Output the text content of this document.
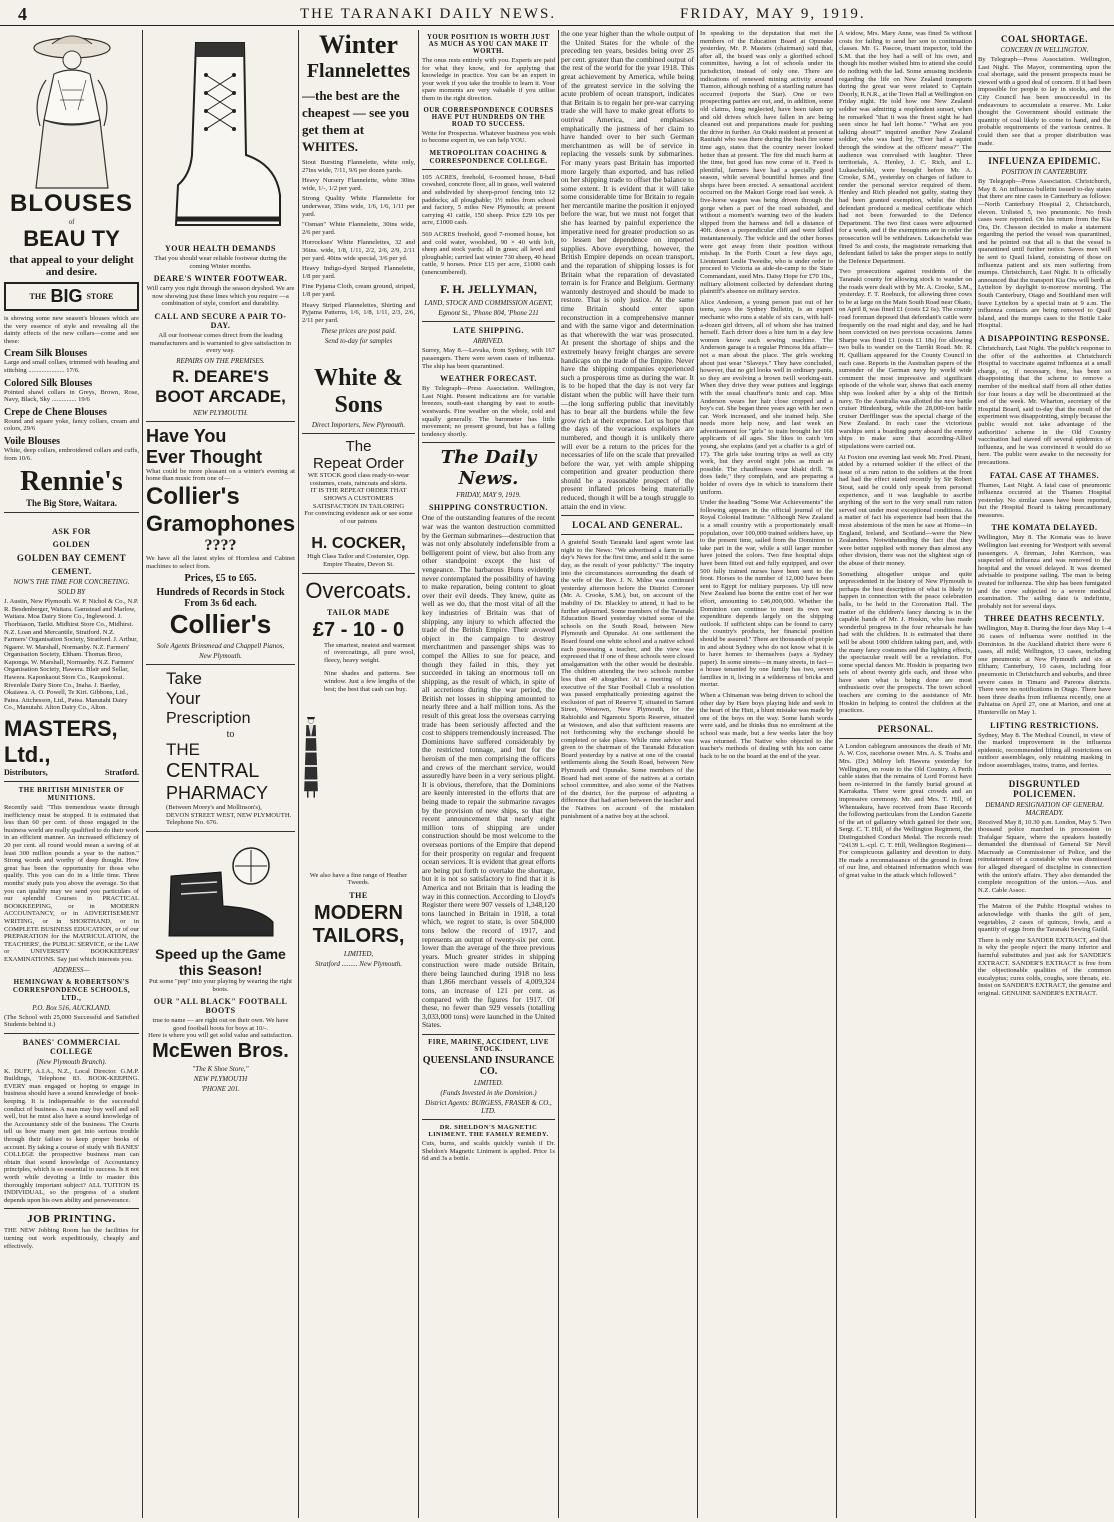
4	THE TARANAKI DAILY NEWS.	FRIDAY, MAY 9, 1919.
BLOUSES
of
BEAU TY
that appeal to your delight and desire.
THE BIG STORE
is showing some new season's blouses which are the very essence of style and revealing all the dainty effects of the new collars—come and see these:
Cream Silk Blouses
Large and small collars, trimmed with beading and stitching ...................... 17/6.
Colored Silk Blouses
Pointed shawl collars in Greys, Brown, Rose, Navy, Black, Sky ............... 19/6
Crepe de Chene Blouses
Round and square yoke, fancy collars, cream and colors, 29/6
Voile Blouses
White, deep collars, embroidered collars and cuffs, from 10/6.
Rennie's
The Big Store, Waitara.
ASK FOR
GOLDEN
GOLDEN BAY CEMENT
CEMENT.
NOW'S THE TIME FOR CONCRETING.
SOLD BY
J. Austin, New Plymouth. W. P. Nichol & Co., N.P. R. Besdenberger, Waitara. Gamstead and Marlow, Waitara. Moa Dairy Store Co., Inglewood. J. Thorbiason, Tariki. Midhirst Store Co., Midhirst. N.Z. Loan and Mercantile, Stratford. N.Z. Farmers' Organisation Society, Stratford. J. Arthur, Ngaere. W. Marshall, Normanby. N.Z. Farmers' Organisation Society, Eltham. Thomas Broo, Kaponga. W. Marshall, Normanby. N.Z. Farmers' Organisation Society, Hawera. Blair and Sellar, Hawera. Kaponkaout Store Co., Kaupokonui. Riverdale Dairy Store Co., Inaha. J. Barday, Okaiawa. A. O. Powell, Te Kiri. Gibbons, Ltd., Patea. Aitchesson, Ltd., Patea. Manutahi Dairy Co., Manutahi. Alton Dairy Co., Alton.
MASTERS, Ltd.,
Distributors,	Stratford.
THE BRITISH MINISTER OF MUNITIONS.
Recently said: "This tremendous waste through inefficiency must be stopped. It is estimated that less than 60 per cent. of those engaged in the business world are really qualified to do their work in an efficient manner. An increased efficiency of 20 per cent. all round would mean a saving of at least 300 million pounds a year to the nation." Strong words and worthy of deep thought. How great has been the opportunity for those who qualify. This you can do in a little time. Three months' study puts you above the average. So that you can qualify may we send you particulars of our splendid Courses in PRACTICAL BOOKKEEPING, or in MODERN ACCOUNTANCY, or in ADVERTISEMENT WRITING, or in SHORTHAND, or in COMPLETE BUSINESS EDUCATION, or of our PREPARATION for the MATRICULATION, the TEACHERS', the PUBLIC SERVICE, or the LAW or UNIVERSITY BOOKKEEPERS' EXAMINATIONS. Say just which interests you.
ADDRESS—
HEMINGWAY & ROBERTSON'S CORRESPONDENCE SCHOOLS, LTD.,
P.O. Box 516, AUCKLAND.
(The School with 25,000 Successful and Satisfied Students behind it.)
BANES' COMMERCIAL COLLEGE
(New Plymouth Branch).
K. DUFF, A.I.A., N.Z., Local Director. G.M.P. Buildings, Telephone 83. BOOK-KEEPING. EVERY man engaged or hoping to engage in business should have a sound knowledge of book-keeping. It is indispensable to the successful conduct of business. A man may buy well and sell well, but he must also have a sound knowledge of the Accountancy side of the business. The Courts tell us how many men get into serious trouble through their failure to keep proper books of account. By taking a course of study with BANES' COLLEGE the prospective business man can obtain that sound knowledge of Accountancy principles, which is so essential to success. Is it not worth while devoting a little to master this thoroughly important subject? ALL TUITION IS INDIVIDUAL, so the progress of a student depends upon his own ability and perseverance.
JOB PRINTING.
THE NEW Jobbing Room has the facilities for turning out work expeditiously, cheaply and effectively.
YOUR HEALTH DEMANDS
That you should wear reliable footwear during the coming Winter months.
DEARE'S WINTER FOOTWEAR.
Will carry you right through the season dryshod. We are now showing just these lines which you require —a combination of style, comfort and durability.
CALL AND SECURE A PAIR TO-DAY.
All our footwear comes direct from the leading manufacturers and is warranted to give satisfaction in every way.
REPAIRS ON THE PREMISES.
R. DEARE'S BOOT ARCADE,
NEW PLYMOUTH.
Have You
Ever Thought
What could be more pleasant on a winter's evening at home than music from one of—
Collier's
Gramophones
????
We have all the latest styles of Hornless and Cabinet machines to select from.
Prices, £5 to £65.
Hundreds of Records in Stock From 3s 6d each.
Collier's
Sole Agents Brinsmead and Chappell Pianos,
New Plymouth.
Take
Your
Prescription
to
THE
CENTRAL
PHARMACY
(Between Morey's and Mollinson's),
DEVON STREET WEST, NEW PLYMOUTH.
Telephone No. 676.
Speed up the Game this Season!
Put some "pep" into your playing by wearing the right boots.
OUR "ALL BLACK" FOOTBALL BOOTS
true to name — are right out on their own. We have good football boots for boys at 10/-.
Here is where you will get solid value and satisfaction.
McEwen Bros.
"The K Shoe Store,"
NEW PLYMOUTH
'PHONE 201.
Winter
Flannelettes
—the best are the cheapest — see you get them at WHITES.
Stout Bursting Flannelette, white only, 27ins wide, 7/11, 9/6 per dozen yards.
Heavy Nursery Flannelette, white 30ins wide, 1/-, 1/2 per yard.
Strong Quality White Flannelette for underwear, 35ins wide, 1/6, 1/6, 1/11 per yard.
"Osman" White Flannelette, 30ins wide, 2/6 per yard.
Horrockses' White Flannelettes, 32 and 36ins. wide, 1/8, 1/11, 2/2, 2/6, 2/9, 2/11 per yard. 40ins wide special, 3/6 per yd.
Heavy Indigo-dyed Striped Flannelette, 1/8 per yard.
Fine Pyjama Cloth, cream ground, striped, 1/8 per yard.
Heavy Striped Flannelettes, Shirting and Pyjama Patterns, 1/6, 1/8, 1/11, 2/3, 2/6, 2/11 per yard.
These prices are post paid.
Send to-day for samples
White & Sons
Direct Importers, New Plymouth.
The
Repeat Order
WE STOCK good class ready-to-wear costumes, coats, raincoats and skirts.
IT IS THE REPEAT ORDER THAT SHOWS A CUSTOMERS SATISFACTION IN TAILORING
For convincing evidence ask or see some of our patrons
H. COCKER,
High Class Tailor and Costumier, Opp. Empire Theatre, Devon St.
Overcoats.
TAILOR MADE
£7 - 10 - 0
The smartest, neatest and warmest of overcoatings, all pure wool, fleecy, heavy weight.
Nine shades and patterns. See window. Just a few lengths of the best; the best that cash can buy.
We also have a fine range of Heather Tweeds.
THE
MODERN
TAILORS,
LIMITED,
Stratford ......... New Plymouth.
YOUR POSITION IS WORTH JUST AS MUCH AS YOU CAN MAKE IT WORTH.
The onus rests entirely with you. Experts are paid for what they know, and for applying that knowledge in practice. You can be an expert in your work if you take the trouble to learn it. Your spare moments are very valuable if you utilise them in the right direction.
OUR CORRESPONDENCE COURSES HAVE PUT HUNDREDS ON THE ROAD TO SUCCESS.
Write for Prospectus. Whatever business you wish to become expert in, we can help YOU.
METROPOLITAN COACHING & CORRESPONDENCE COLLEGE.
105 ACRES, freehold, 6-roomed house, 8-bail cowshed, concrete floor, all in grass, well watered and subdivided by sheep-proof fencing into 12 paddocks; all ploughable; 1½ miles from school and factory, 5 miles New Plymouth; at present carrying 41 cattle, 150 sheep. Price £29 10s per acre, £1000 cash.
569 ACRES freehold, good 7-roomed house, hot and cold water, woolshed, 90 × 40 with loft, sheep and stock yards; all in grass; all level and ploughable; carried last winter 730 sheep, 40 head cattle, 9 horses. Price £15 per acre, £1000 cash (unencumbered).
F. H. JELLYMAN,
LAND, STOCK AND COMMISSION AGENT,
Egmont St., 'Phone 804, 'Phone 211
LATE SHIPPING.
ARRIVED.
Surrey, May 8.—Levuka, from Sydney, with 167 passengers. There were seven cases of influenza. The ship has been quarantined.
WEATHER FORECAST.
By Telegraph—Press Association. Wellington, Last Night. Present indications are for variable breezes, south-east changing by east to south-westwards. Fine weather on the whole, cold and squally generally. The barometer has little movement; no present ground, but has a falling tendency shortly.
The Daily News.
FRIDAY, MAY 9, 1919.
SHIPPING CONSTRUCTION.
One of the outstanding features of the recent war was the wanton destruction committed by the German submarines—destruction that was not only absolutely indefensible from a belligerent point of view, but also from any other standpoint except the lust of vengeance. The barbarous Huns evidently never contemplated the possibility of having to make reparation, being content to gloat over their evil deeds. They knew, quite as well as we do, that the most vital of all the key industries of Britain was that of shipping, any injury to which affected the trade of the British Empire. Their avowed object in the campaign to destroy merchantmen and passenger ships was to compel the Allies to sue for peace, and though they failed in this, they yet succeeded in taking an enormous toll on shipping, as the result of which, in spite of all accretions during the war period, the British net losses in shipping amounted to nearly three and a half million tons. As the result of this great loss the overseas carrying trade has been seriously affected and the cost to shippers tremendously increased. The Dominions have suffered considerably by the restricted tonnage, and but for the heroism of the men comprising the officers and crews of the merchant service, would assuredly have been in a very serious plight. It is obvious, therefore, that the Dominions are keenly interested in the efforts that are being made to repair the submarine ravages by the provision of new ships, so that the recent announcement that nearly eight million tons of shipping are under construction should be most welcome to the overseas portions of the Empire that depend for their prosperity on regular and frequent ocean services. It is evident that great efforts are being put forth to overtake the shortage, but it is not so satisfactory to find that it is America and not Britain that is leading the way in this connection. According to Lloyd's Register there were 907 vessels of 1,348,120 tons launched in Britain in 1918, a total which, we regret to state, is over 504,000 tons below the record of 1917, and represents an output of twenty-six per cent. lower than the average of the three previous years. Much greater strides in shipping construction were made outside Britain, there being launched during 1918 no less than 1,866 merchant vessels of 4,009,324 tons, an increase of 121 per cent. as compared with the figures for 1917. Of these, no fewer than 929 vessels (totalling 3,033,000 tons) were launched in the United States.
FIRE, MARINE, ACCIDENT, LIVE STOCK.
QUEENSLAND INSURANCE CO.
LIMITED.
(Funds Invested in the Dominion.)
District Agents: BURGESS, FRASER & CO., LTD.
DR. SHELDON'S MAGNETIC LINIMENT. THE FAMILY REMEDY.
Cuts, burns, and scalds quickly vanish if Dr. Sheldon's Magnetic Liniment is applied. Price 1s 6d and 3s a bottle.
the one year higher than the whole output of the United States for the whole of the preceding ten years, besides being over 25 per cent. greater than the combined output of the rest of the world for the year 1918. This great achievement by America, while being of the greatest service in the solving the acute problem of ocean transport, indicates that Britain is to regain her pre-war carrying trade she will have to make great efforts to outrival America, and emphasises emphatically the justness of her claim to have handed over to her such German merchantmen as will be of service in replacing the vessels sunk by submarines. For many years past Britain has imported more largely than exported, and has relied on her shipping trade to offset the balance to some extent. It is evident that it will take some considerable time for Britain to regain her mercantile marine the position it enjoyed before the war, but we must not forget that she has learned by painful experience the imperative need for greater production so as to lessen her dependence on imported supplies. Above everything, however, the British Empire depends on ocean transport, and the reparation of shipping losses is for Britain what the reparation of devastated terrain is for France and Belgium. Germany wantonly destroyed and should be made to restore. That is only justice. At the same time Britain should enter upon reconstruction in a comprehensive manner and with the same vigor and determination as that wherewith the war was prosecuted. At present the shortage of ships and the extremely heavy freight charges are severe handicaps on the trade of the Empire. Never have the shipping companies experienced such a prosperous time as during the war. It is to be hoped that the day is not very far distant when the public will have their turn—the long suffering public that inevitably has to bear all the burdens while the few grow rich at their expense. Let us hope that the days of the voracious exploiters are numbered, and though it is unlikely there will ever be a return to the prices for the necessaries of life on the scale that prevailed before the war, yet with ample shipping competition and greater production there should be a reasonable prospect of the present inflated prices being materially reduced, though it will be a tough struggle to attain the end in view.
LOCAL AND GENERAL.
A grateful South Taranaki land agent wrote last night to the News: "We advertised a farm in to-day's News for the first time, and sold it the same day, as the result of your publicity." The inquiry into the circumstances surrounding the death of the wife of the Rev. J. N. Milne was continued yesterday afternoon before the District Coroner (Mr. A. Crooke, S.M.), but, on account of the inability of Dr. Blackley to attend, it had to be further adjourned. Some members of the Taranaki Education Board yesterday visited some of the schools on the South Road, between New Plymouth and Opunake. At one settlement the Board found one white school and a native school each possessing a teacher, and the view was expressed that if one of these schools were closed amalgamation with the other would be desirable. The children attending the two schools number less than 40 altogether. At a meeting of the executive of the Star Football Club a resolution was passed emphatically protesting against the exclusion of part of Reserve T, situated in Sarrant Street, Westown, New Plymouth, for the Rahiohiki and Ngamotu Sports Reserve, situated at Westown, and also that sufficient reasons are not forthcoming why the exchange should be completed or take place. While nine advice was given to the chairman of the Taranaki Education Board yesterday by a native at one of the coastal settlements along the South Road, between New Plymouth and Opunake. Some members of the Board had met some of the natives at a certain school committee, and also some of the Natives of the district, for the purpose of adjusting a difference that had arisen between the teacher and the Natives on account of the mistaken punishment of a native boy at the school.
In speaking to the deputation that met the members of the Education Board at Opunake yesterday, Mr. P. Masters (chairman) said that, after all, the board was only a glorified school committee, having a lot of schools under its jurisdiction, instead of only one. There are indications of renewed mining activity around Tiamoo, although nothing of a startling nature has occurred (reports the Star). One or two prospecting parties are out, and, in addition, some old claims, long neglected, have been taken up and old drives which have fallen in are being cleaned out and preparations made for pushing the drive in further. An Otaki resident at present at Rauitahi who was there during the bush fire some time ago, states that the country never looked better than at present. The fire did much harm at the time, but good has now come of it. Feed is plentiful, farmers have had a specially good season, while several bountiful homes and fine shops have been erected. A sensational accident occurred on the Makuri Gorge road last week. A five-horse wagon was being driven through the gorge when a part of the road subsided, and without a moment's warning two of the leaders slipped from the harness and fell a distance of 40ft. down a perpendicular cliff and were killed instantaneously. The vehicle and the other horses were got away from their position without mishap. In the Forth Court a few days ago, Lieutenant Leslie Tweedie, who is under order to proceed to Victoria as aide-de-camp to the State Commandant, sued Mrs. Daisy Hope for £70 10s., military allotment collected by defendant during plaintiff's absence on military service.
Alice Anderson, a young person just out of her teens, says the Sydney Bulletin, is an expert mechanic who runs a stable of six cars, with half-a-dozen girl drivers, all of whom she has trained herself. Each driver does a hire turn in a day few women know such sewing machine. The Anderson garage is a regular Princess Ida affair—not a man about the place. The girls working about just wear "Slaveys." They have concluded, however, that no girl looks well in ordinary pants, so they are evolving a brown twill working-suit. When they drive they wear puttees and leggings with the usual chauffeur's tunic and cap. Miss Anderson wears her hair close cropped and a boy's cut. She began three years ago with her own car. Work increased, and she trained help. She needs more help now, and last week an advertisement for "girls" to train brought her 168 applicants of all ages. She likes to catch 'em young, she explains (and yet a chaffer is a girl of 17). The girls take touring trips as well as city work, but they avoid night jobs as much as possible. The chauffeuses wear khaki drill. "It does fade," they complain, and are preparing a bolder of overs dye in which to transform their uniform.
Under the heading "Some War Achievements" the following appears in the official journal of the Royal Colonial Institute: "Although New Zealand is a small country with a proportionately small population, over 100,000 trained soldiers have, up to the present time, sailed from the Dominion to take part in the war, while a still larger number have joined the colors. Two fine hospital ships have been fitted out and fully equipped, and over 500 fully trained nurses have been sent to the front. Horses to the number of 12,000 have been sent to Egypt for military purposes. Up till now New Zealand has borne the entire cost of her war effort, amounting to £46,000,000. Whether the Dominion can continue to meet its own war expenditure depends largely on the shipping outlook. If sufficient ships can be found to carry the country's products, her financial position should be assured." There are thousands of people in and about Sydney who do not know what it is to have homes to themselves (says a Sydney paper). In some streets—in many streets, in fact—a house tenanted by one family has two, seven families in it, living in a wilderness of bricks and mortar.
When a Chinaman was being driven to school the other day by Hare boys playing hide and seek in the heart of the Hutt, a blunt mistake was made by one of the boys on the way. Some harsh words were said, and he thinks thus no enrolment at the school was made, but a few weeks later the boy was returned. The Native who objected to the teacher's methods of dealing with his son came back to be on the board at the end of the year.
A widow, Mrs. Mary Anne, was fined 5s without costs for failing to send her son to continuation classes. Mr. G. Pascoe, truant inspector, told the S.M. that the boy had a will of his own, and though his mother wished him to attend she could do nothing with the lad. Some amusing incidents regarding the life on New Zealand transports during the great war were related to Captain Doorly, R.N.R., at the Town Hall at Wellington on Friday night. He told how one New Zealand soldier was admiring a resplendent sunset, when he remarked "that it was the finest sight he had seen since he had left home." "What are you talking about?" inquired another New Zealand soldier, who was hard by, "Ever had a squint through the window at the officers' mess?" The audience was convulsed with laughter. Three territorials, A. Henley, J. C. Rich, and L. Lukaschefski, were brought before Mr. A. Crooke, S.M., yesterday on charges of failure to render the personal service required of them. Henley and Rich pleaded not guilty, stating they had been granted exemption, whilst the third defendant produced a medical certificate which had not been forwarded to the Defence Department. The two first cases were adjourned for a week, and if the exemptions are in order the prosecution will be withdrawn. Lukaschefski was fined 5s and costs, the magistrate remarking that defendant failed to take the proper steps to notify the Defence Department.
Two prosecutions against residents of the Taranaki county for allowing stock to wander on the roads were dealt with by Mr. A. Crooke, S.M., yesterday. F. T. Roebuck, for allowing three cows to be at large on the Main South Road near Okato, on April 8, was fined £1 (costs £2 6s). The county road foreman deposed that defendant's cattle were frequently on the road night and day, and he had been convicted on two previous occasions. James Sharpe was fined £1 (costs £1 18s) for allowing two bulls to wander on the Tarriki Road. Mr. R. H. Quilliam appeared for the County Council in each case. Reports in the Australian papers of the surrender of the German navy by world wide comment the most impressive and significant episode of the whole war, shows that each enemy ship was looked after by a ship of the British navy. To the Australia was allotted the new battle cruiser Hindenburg, while the 28,000-ton battle cruiser Derfflinger was the special charge of the New Zealand. In each case the victorious warships sent a boarding party aboard the enemy ships to make sure that according-Allied stipulations were carried out.
At Foxton one evening last week Mr. Fred. Pirani, aided by a returned soldier if the effect of the issue of a rum ration to the soldiers at the front had had the effect stated recently by Sir Robert Stout, said he could only speak from personal experience, and it was laughable to ascribe anything of the sort to the very small rum ration served out under most exceptional conditions. As a matter of fact his experience had been that the most abstemious of the men he saw at Home—in England, Ireland, and Scotland—were the New Zealanders. Notwithstanding the fact that they were better supplied with money than almost any other division, there was not the slightest sign of the abuse of their money.
Something altogether unique and quite unprecedented in the history of New Plymouth is perhaps the best description of what is likely to happen in connection with the peace celebration balls, to be held in the Coronation Hall. The matter of the children's fancy dancing is in the capable hands of Mr. J. Hoskin, who has made wonderful progress in the four rehearsals he has had with the children. It is estimated that there will be about 1000 children taking part, and, with the many fancy costumes and the lighting effects, the spectacular result will be a revelation. For some special dances Mr. Hoskin is preparing two sets of about twenty girls each, and those who have seen what is being done are most enthusiastic over the prospects. The town school teachers are coming to the assistance of Mr. Hoskin in helping to control the children at the practices.
PERSONAL.
A London cablegram announces the death of Mr. A. W. Cox, racehorse owner. Mrs. A. S. Toahs and Mrs. (Dr.) Milroy left Hawera yesterday for Wellington, en route to the Old Country. A Perth cable states that the remains of Lord Forrest have been re-interred in the family burial ground at Karrakatta. There were great crowds and an impressive ceremony. Mr. and Mrs. T. Hill, of Whenuakura, have received from Base Records the following particulars from the London Gazette of the art of gallantry which gained for their son, Sergt. C. T. Hill, of the Wellington Regiment, the Distinguished Conduct Medal. The records read: "24139 L.-cpl. C. T. Hill, Wellington Regiment—For conspicuous gallantry and devotion to duty. He made a reconnaissance of the ground in front of our line, and obtained information which was of great value in the attack which followed."
COAL SHORTAGE.
CONCERN IN WELLINGTON.
By Telegraph—Press Association. Wellington, Last Night. The Mayor, commenting upon the coal shortage, said the present prospects must be viewed with a good deal of concern. If it had been impossible for people to lay in stocks, and the City Council has been unsuccessful in its endeavours to accumulate a reserve. Mr. Luke thought the Government should estimate the quantity of coal likely to come to hand, and the probable requirements of the various centres. It could then see that a proper distribution was made.
INFLUENZA EPIDEMIC.
POSITION IN CANTERBURY.
By Telegraph—Press Association. Christchurch, May 8. An influenza bulletin issued to-day states that there are nine cases in Canterbury as follows:—North Canterbury Hospital 2, Christchurch, eleven. Unlisted 5, two pneumonic. No fresh cases were reported. On his return from the Kia Ora, Dr. Chesson decided to make a statement regarding the period the vessel was quarantined, and he pointed out that all is that the vessel is quarantined until further notice. Saves men will be sent to Quail Island, consisting of those on influenza patient and six men suffering from mumps. Christchurch, Last Night. It is officially announced that the transport Kia Ora will berth at Lyttelton by daylight to-morrow morning. The South Canterbury, Otago and Southland men will leave Lyttelton by a special train at 9 a.m. The influenza contacts are being removed to Quail Island, and the mumps cases to the Bottle Lake Hospital.
A DISAPPOINTING RESPONSE.
Christchurch, Last Night. The public's response to the offer of the authorities at Christchurch Hospital to vaccinate against influenza at a small charge, or, if necessary, free, has been so disappointing that the scheme to remove a member of the medical staff from all other duties for four hours a day will be discontinued at the end of the week. Mr. Wharton, secretary of the Hospital Board, said to-day that the result of the experiment was disappointing, simply because the public would not take advantage of the authorities' scheme in the Old Country vaccination had staved off several epidemics of influenza, and he was convinced it would do so here. The public were awake to the necessity for precautions.
FATAL CASE AT THAMES.
Thames, Last Night. A fatal case of pneumonic influenza occurred at the Thames Hospital yesterday. No similar cases have been reported, but the Hospital Board is taking precautionary measures.
THE KOMATA DELAYED.
Wellington, May 8. The Komata was to leave Wellington last evening for Westport with several passengers. A fireman, John Kerrison, was suspected of influenza and was removed to the hospital and the vessel delayed. It was deemed advisable to postpone sailing. The man is being treated for influenza. The ship has been fumigated and the crew subjected to a severe medical examination. The sailing date is indefinite, probably not for several days.
THREE DEATHS RECENTLY.
Wellington, May 8. During the four days May 1–4 36 cases of influenza were notified in the Dominion. In the Auckland district there were 6 cases, all mild; Wellington, 13 cases, including one pneumonic at New Plymouth and six at Eltham; Canterbury, 10 cases, including four pneumonic in Christchurch and suburbs, and three severe cases in Timaru and Pareora districts. There were no notifications in Otago. There have been three deaths from influenza recently, one at Pahiatua on April 27, one at Marton, and one at Hunterville on May 1.
LIFTING RESTRICTIONS.
Sydney, May 8. The Medical Council, in view of the marked improvement in the influenza epidemic, recommended lifting all restrictions on outdoor assemblages, only retaining masking in indoor assemblages, trains, trams, and ferries.
DISGRUNTLED POLICEMEN.
DEMAND RESIGNATION OF GENERAL MACREADY.
Received May 8, 10.30 p.m. London, May 5. Two thousand police marched in procession to Trafalgar Square, where the speakers heatedly demanded the dismissal of General Sir Nevil Macready as Commissioner of Police, and the reinstatement of a constable who was dismissed for alleged disregard of discipline in connection with the union's affairs. They also demanded the complete recognition of the union.—Aus. and N.Z. Cable Assoc.
The Matron of the Public Hospital wishes to acknowledge with thanks the gift of jam, vegetables, 2 cases of quinces, fowls, and a quantity of eggs from the Taranaki Sewing Guild.
There is only one SANDER EXTRACT, and that is why the people reject the many inferior and harmful substitutes and just ask for SANDER'S EXTRACT. SANDER'S EXTRACT is free from the objectionable qualities of the common eucalyptus; cures colds, coughs, sore throats, etc. Insist on SANDER'S EXTRACT, the genuine and original. GENUINE SANDER'S EXTRACT.
